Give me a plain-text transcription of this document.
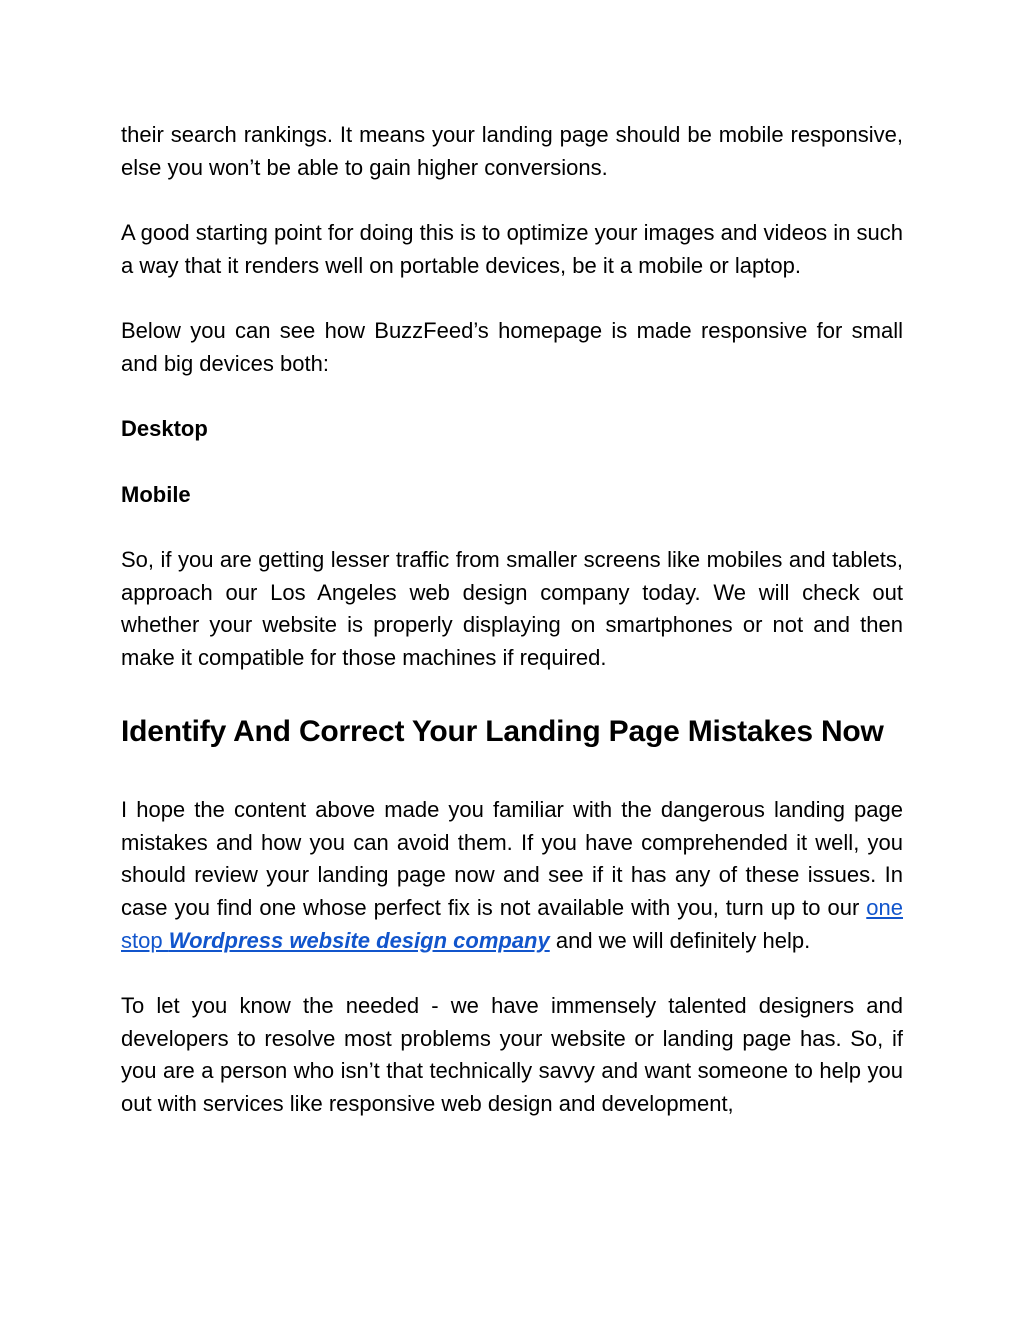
their search rankings. It means your landing page should be mobile responsive, else you won’t be able to gain higher conversions.

A good starting point for doing this is to optimize your images and videos in such a way that it renders well on portable devices, be it a mobile or laptop.

Below you can see how BuzzFeed’s homepage is made responsive for small and big devices both:

Desktop
Mobile

So, if you are getting lesser traffic from smaller screens like mobiles and tablets, approach our Los Angeles web design company today. We will check out whether your website is properly displaying on smartphones or not and then make it compatible for those machines if required.

Identify And Correct Your Landing Page Mistakes Now

I hope the content above made you familiar with the dangerous landing page mistakes and how you can avoid them. If you have comprehended it well, you should review your landing page now and see if it has any of these issues. In case you find one whose perfect fix is not available with you, turn up to our one stop Wordpress website design company and we will definitely help.

To let you know the needed - we have immensely talented designers and developers to resolve most problems your website or landing page has. So, if you are a person who isn’t that technically savvy and want someone to help you out with services like responsive web design and development,
